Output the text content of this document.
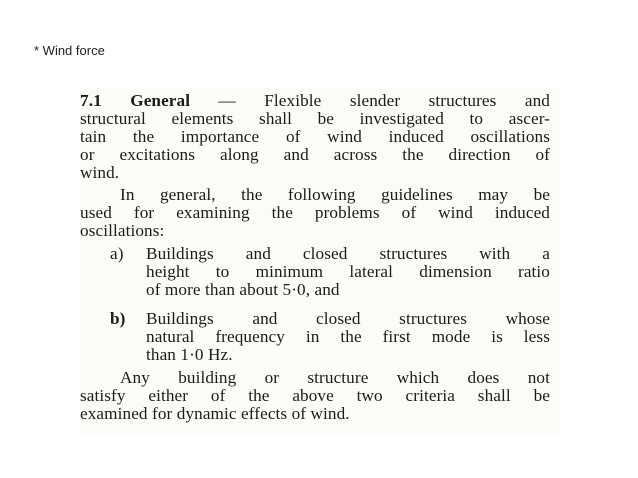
* Wind force
7.1 General — Flexible slender structures and
structural elements shall be investigated to ascer-
tain the importance of wind induced oscillations
or excitations along and across the direction of
wind.
In general, the following guidelines may be
used for examining the problems of wind induced
oscillations:
a) Buildings and closed structures with a
height to minimum lateral dimension ratio
of more than about 5·0, and
b) Buildings and closed structures whose
natural frequency in the first mode is less
than 1·0 Hz.
Any building or structure which does not
satisfy either of the above two criteria shall be
examined for dynamic effects of wind.
